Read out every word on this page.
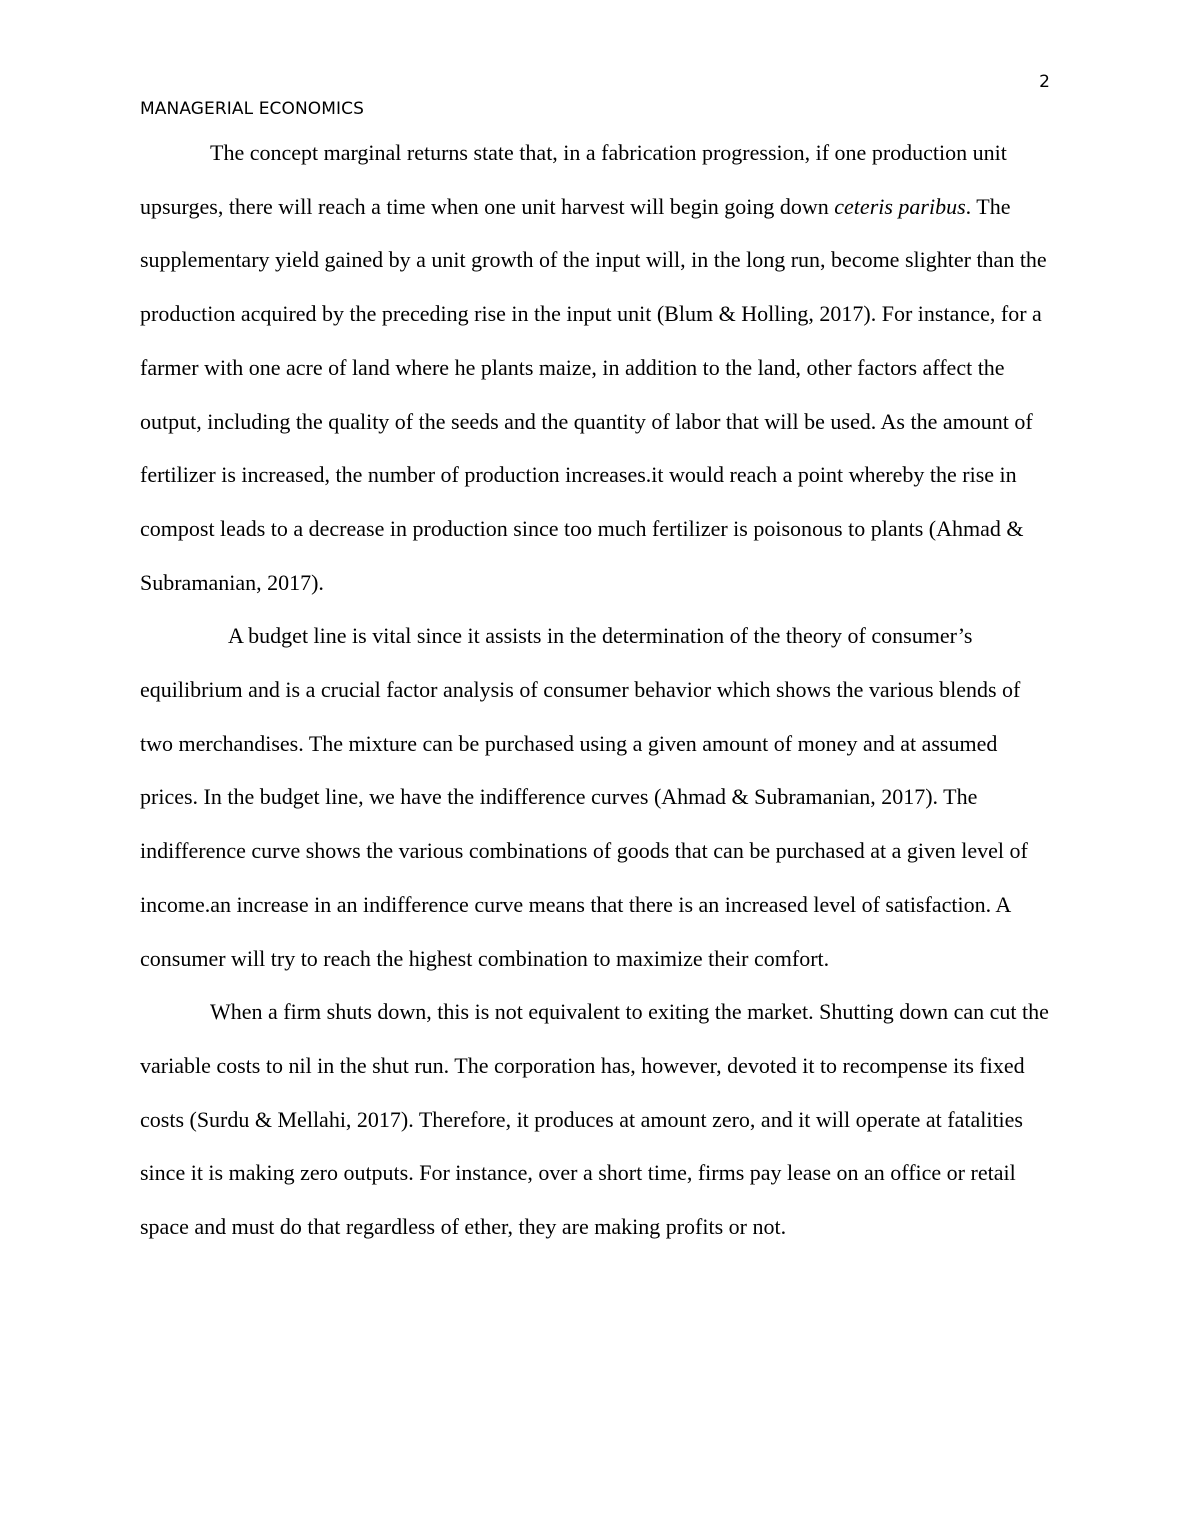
2
MANAGERIAL ECONOMICS

The concept marginal returns state that, in a fabrication progression, if one production unit upsurges, there will reach a time when one unit harvest will begin going down ceteris paribus. The supplementary yield gained by a unit growth of the input will, in the long run, become slighter than the production acquired by the preceding rise in the input unit (Blum & Holling, 2017). For instance, for a farmer with one acre of land where he plants maize, in addition to the land, other factors affect the output, including the quality of the seeds and the quantity of labor that will be used. As the amount of fertilizer is increased, the number of production increases.it would reach a point whereby the rise in compost leads to a decrease in production since too much fertilizer is poisonous to plants (Ahmad & Subramanian, 2017).

A budget line is vital since it assists in the determination of the theory of consumer’s equilibrium and is a crucial factor analysis of consumer behavior which shows the various blends of two merchandises. The mixture can be purchased using a given amount of money and at assumed prices. In the budget line, we have the indifference curves (Ahmad & Subramanian, 2017). The indifference curve shows the various combinations of goods that can be purchased at a given level of income.an increase in an indifference curve means that there is an increased level of satisfaction. A consumer will try to reach the highest combination to maximize their comfort.

When a firm shuts down, this is not equivalent to exiting the market. Shutting down can cut the variable costs to nil in the shut run. The corporation has, however, devoted it to recompense its fixed costs (Surdu & Mellahi, 2017). Therefore, it produces at amount zero, and it will operate at fatalities since it is making zero outputs. For instance, over a short time, firms pay lease on an office or retail space and must do that regardless of ether, they are making profits or not.
